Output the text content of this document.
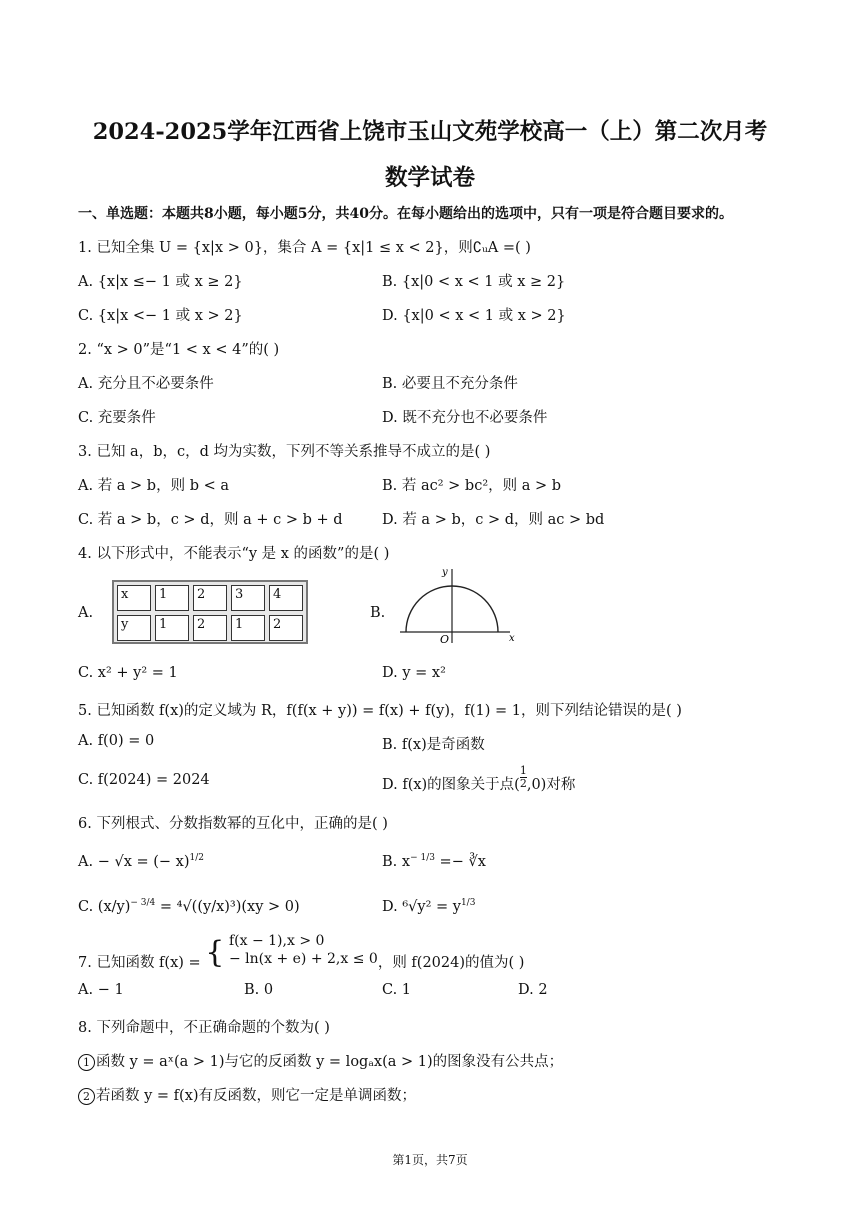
2024-2025学年江西省上饶市玉山文苑学校高一（上）第二次月考
数学试卷
一、单选题：本题共8小题，每小题5分，共40分。在每小题给出的选项中，只有一项是符合题目要求的。
1. 已知全集 U = {x|x > 0}，集合 A = {x|1 ≤ x < 2}，则∁ᵤA =( )
A. {x|x ≤− 1 或 x ≥ 2}	B. {x|0 < x < 1 或 x ≥ 2}
C. {x|x <− 1 或 x > 2}	D. {x|0 < x < 1 或 x > 2}
2. “x > 0”是“1 < x < 4”的( )
A. 充分且不必要条件	B. 必要且不充分条件
C. 充要条件	D. 既不充分也不必要条件
3. 已知 a，b，c，d 均为实数，下列不等关系推导不成立的是( )
A. 若 a > b，则 b < a	B. 若 ac² > bc²，则 a > b
C. 若 a > b，c > d，则 a + c > b + d	D. 若 a > b，c > d，则 ac > bd
4. 以下形式中，不能表示“y 是 x 的函数”的是( )
A.
x	1	2	3	4
y	1	2	1	2
B.
y
x
O
C. x² + y² = 1	D. y = x²
5. 已知函数 f(x)的定义域为 R，f(f(x + y)) = f(x) + f(y)，f(1) = 1，则下列结论错误的是( )
A. f(0) = 0	B. f(x)是奇函数
C. f(2024) = 2024	D. f(x)的图象关于点( $\frac{1}{2} ,0$)对称
6. 下列根式、分数指数幂的互化中，正确的是( )
A. − √x = (− x)$^{1/2}$	B. $x^{- 1/3}$ =− ∛x
C. $(x/y)^{- 3/4} = ^4√((y/x)^3)(xy > 0)$	D. $^6√y^2 = y^{1/3}$
7. 已知函数 f(x) = { f(x − 1),x > 0
− ln(x + e) + 2,x ≤ 0 ，则 f(2024)的值为( )
A. − 1	B. 0	C. 1	D. 2
8. 下列命题中，不正确命题的个数为( )
1 函数 y = aˣ(a > 1)与它的反函数 y = logₐx(a > 1)的图象没有公共点；
2 若函数 y = f(x)有反函数，则它一定是单调函数；
第1页，共7页
